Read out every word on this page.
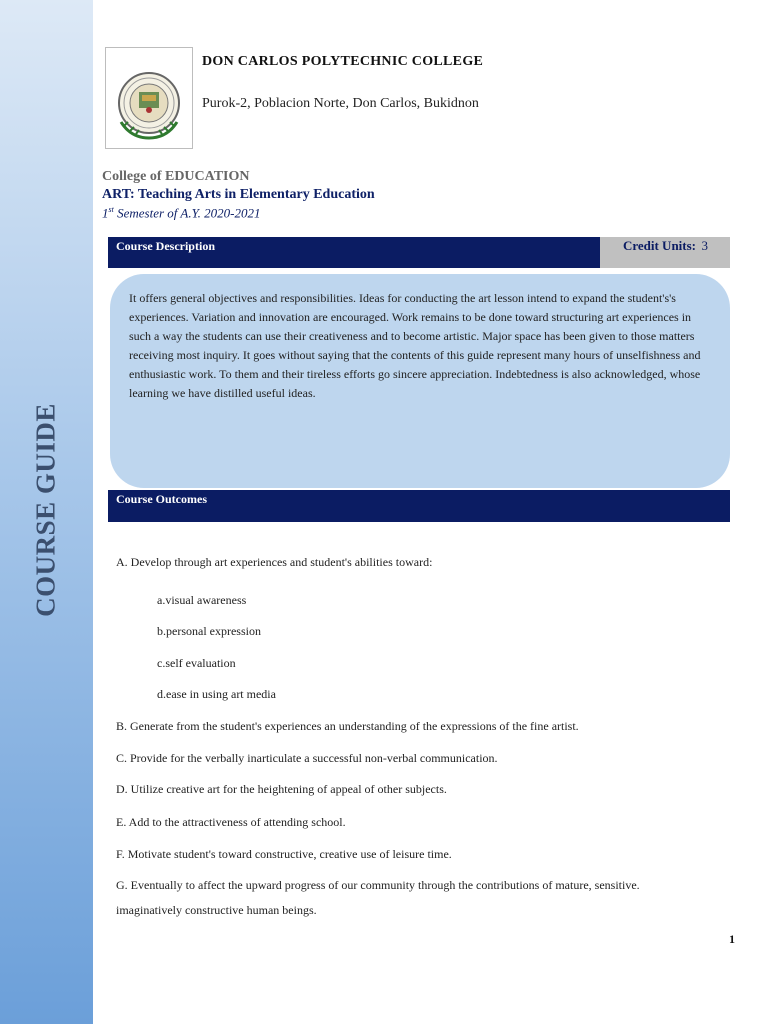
COURSE GUIDE
DON CARLOS POLYTECHNIC COLLEGE
Purok-2, Poblacion Norte, Don Carlos, Bukidnon
College of EDUCATION
ART: Teaching Arts in Elementary Education
1st Semester of A.Y. 2020-2021
Course Description	Credit Units: 3

It offers general objectives and responsibilities. Ideas for conducting the art lesson intend to expand the student's's experiences. Variation and innovation are encouraged. Work remains to be done toward structuring art experiences in such a way the students can use their creativeness and to become artistic. Major space has been given to those matters receiving most inquiry. It goes without saying that the contents of this guide represent many hours of unselfishness and enthusiastic work. To them and their tireless efforts go sincere appreciation. Indebtedness is also acknowledged, whose learning we have distilled useful ideas.

Course Outcomes
A. Develop through art experiences and student's abilities toward:
a.visual awareness
b.personal expression
c.self evaluation
d.ease in using art media
B. Generate from the student's experiences an understanding of the expressions of the fine artist.
C. Provide for the verbally inarticulate a successful non-verbal communication.
D. Utilize creative art for the heightening of appeal of other subjects.
E. Add to the attractiveness of attending school.
F. Motivate student's toward constructive, creative use of leisure time.
G. Eventually to affect the upward progress of our community through the contributions of mature, sensitive.
imaginatively constructive human beings.
1
